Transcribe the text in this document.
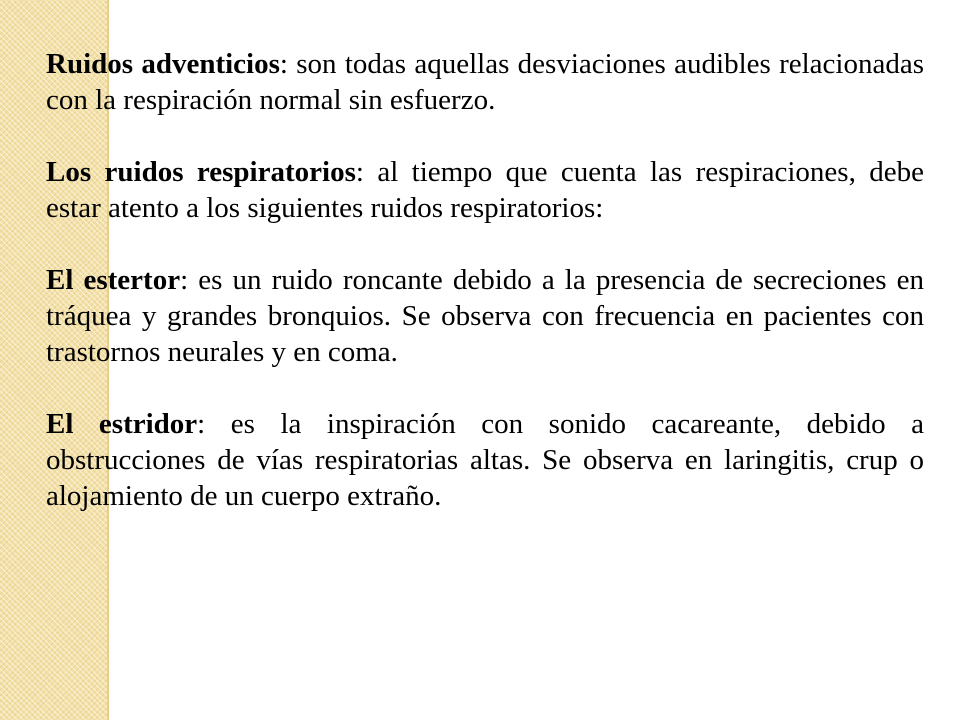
Ruidos adventicios: son todas aquellas desviaciones audibles relacionadas con la respiración normal sin esfuerzo.

Los ruidos respiratorios: al tiempo que cuenta las respiraciones, debe estar atento a los siguientes ruidos respiratorios:

El estertor: es un ruido roncante debido a la presencia de secreciones en tráquea y grandes bronquios. Se observa con frecuencia en pacientes con trastornos neurales y en coma.

El estridor: es la inspiración con sonido cacareante, debido a obstrucciones de vías respiratorias altas. Se observa en laringitis, crup o alojamiento de un cuerpo extraño.
